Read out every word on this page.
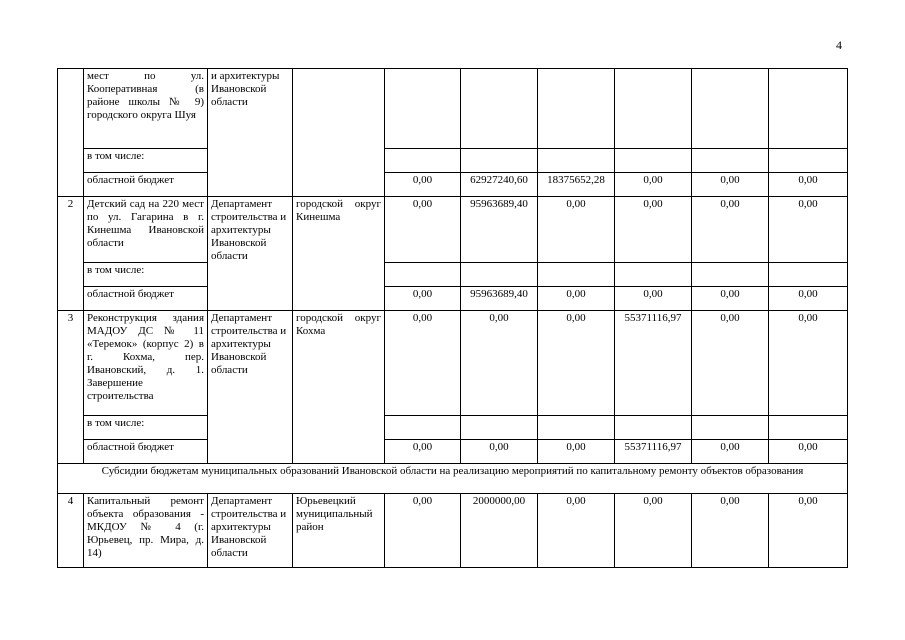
4
	мест по ул. Кооперативная (в районе школы № 9) городского округа Шуя	и архитектуры Ивановской области							
	в том числе:								
	областной бюджет			0,00	62927240,60	18375652,28	0,00	0,00	0,00
2	Детский сад на 220 мест по ул. Гагарина в г. Кинешма Ивановской области	Департамент строительства и архитектуры Ивановской области	городской округ Кинешма	0,00	95963689,40	0,00	0,00	0,00	0,00
	в том числе:								
	областной бюджет			0,00	95963689,40	0,00	0,00	0,00	0,00
3	Реконструкция здания МАДОУ ДС № 11 «Теремок» (корпус 2) в г. Кохма, пер. Ивановский, д. 1. Завершение строительства	Департамент строительства и архитектуры Ивановской области	городской округ Кохма	0,00	0,00	0,00	55371116,97	0,00	0,00
	в том числе:								
	областной бюджет			0,00	0,00	0,00	55371116,97	0,00	0,00
Субсидии бюджетам муниципальных образований Ивановской области на реализацию мероприятий по капитальному ремонту объектов образования									
4	Капитальный ремонт объекта образования - МКДОУ № 4 (г. Юрьевец, пр. Мира, д. 14)	Департамент строительства и архитектуры Ивановской области	Юрьевецкий муниципальный район	0,00	2000000,00	0,00	0,00	0,00	0,00
